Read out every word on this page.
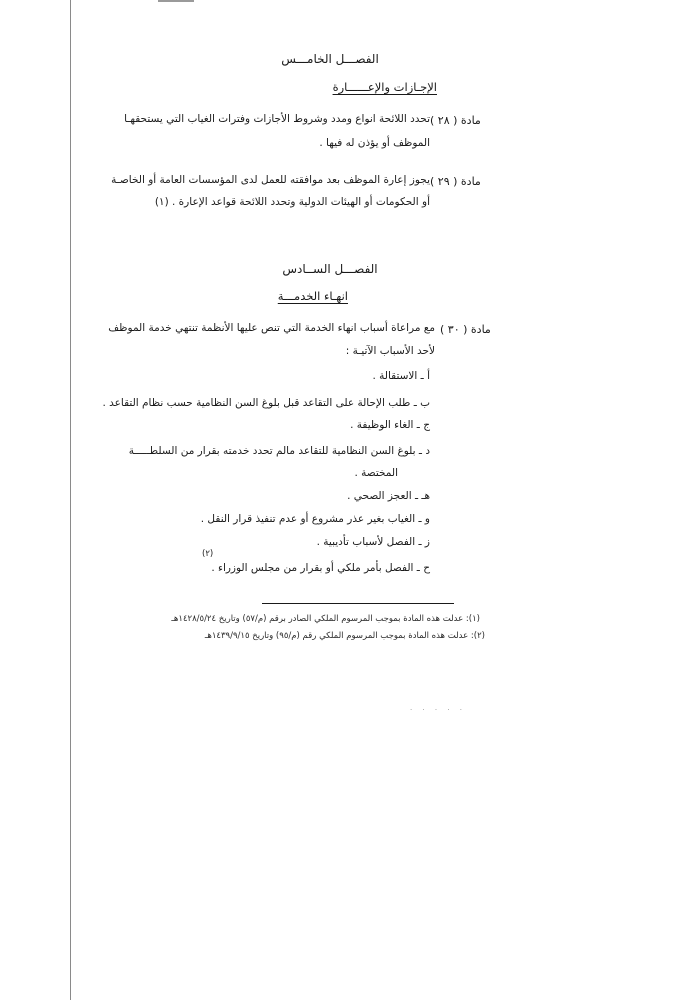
الفصـــل الخامـــس
الإجـازات والإعــــــارة
مادة ( ٢٨ )
تحدد اللائحة انواع ومدد وشروط الأجازات وفترات الغياب التي يستحقهـا
الموظف أو يؤذن له فيها .
مادة ( ٢٩ )
يجوز إعارة الموظف بعد موافقته للعمل لدى المؤسسات العامة أو الخاصـة
أو الحكومات أو الهيئات الدولية وتحدد اللائحة قواعد الإعارة . (١)
الفصـــل الســادس
انهـاء الخدمـــة
مادة ( ٣٠ )
مع مراعاة أسباب انهاء الخدمة التي تنص عليها الأنظمة تنتهي خدمة الموظف
لأحد الأسباب الآتيـة :
أ ـ الاستقالة .
ب ـ طلب الإحالة على التقاعد قبل بلوغ السن النظامية حسب نظام التقاعد .
ج ـ الغاء الوظيفة .
د ـ بلوغ السن النظامية للتقاعد مالم تحدد خدمته بقرار من السلطـــــة
المختصة .
هـ ـ العجز الصحي .
و ـ الغياب بغير عذر مشروع أو عدم تنفيذ قرار النقل .
ز ـ الفصل لأسباب تأديبية .
ح ـ الفصل بأمر ملكي أو بقرار من مجلس الوزراء .
(٢)
(١): عدلت هذه المادة بموجب المرسوم الملكي الصادر برقم (م/٥٧) وتاريخ ١٤٢٨/٥/٢٤هـ
(٢): عدلت هذه المادة بموجب المرسوم الملكي رقم (م/٩٥) وتاريخ ١٤٣٩/٩/١٥هـ
· · · · ·
